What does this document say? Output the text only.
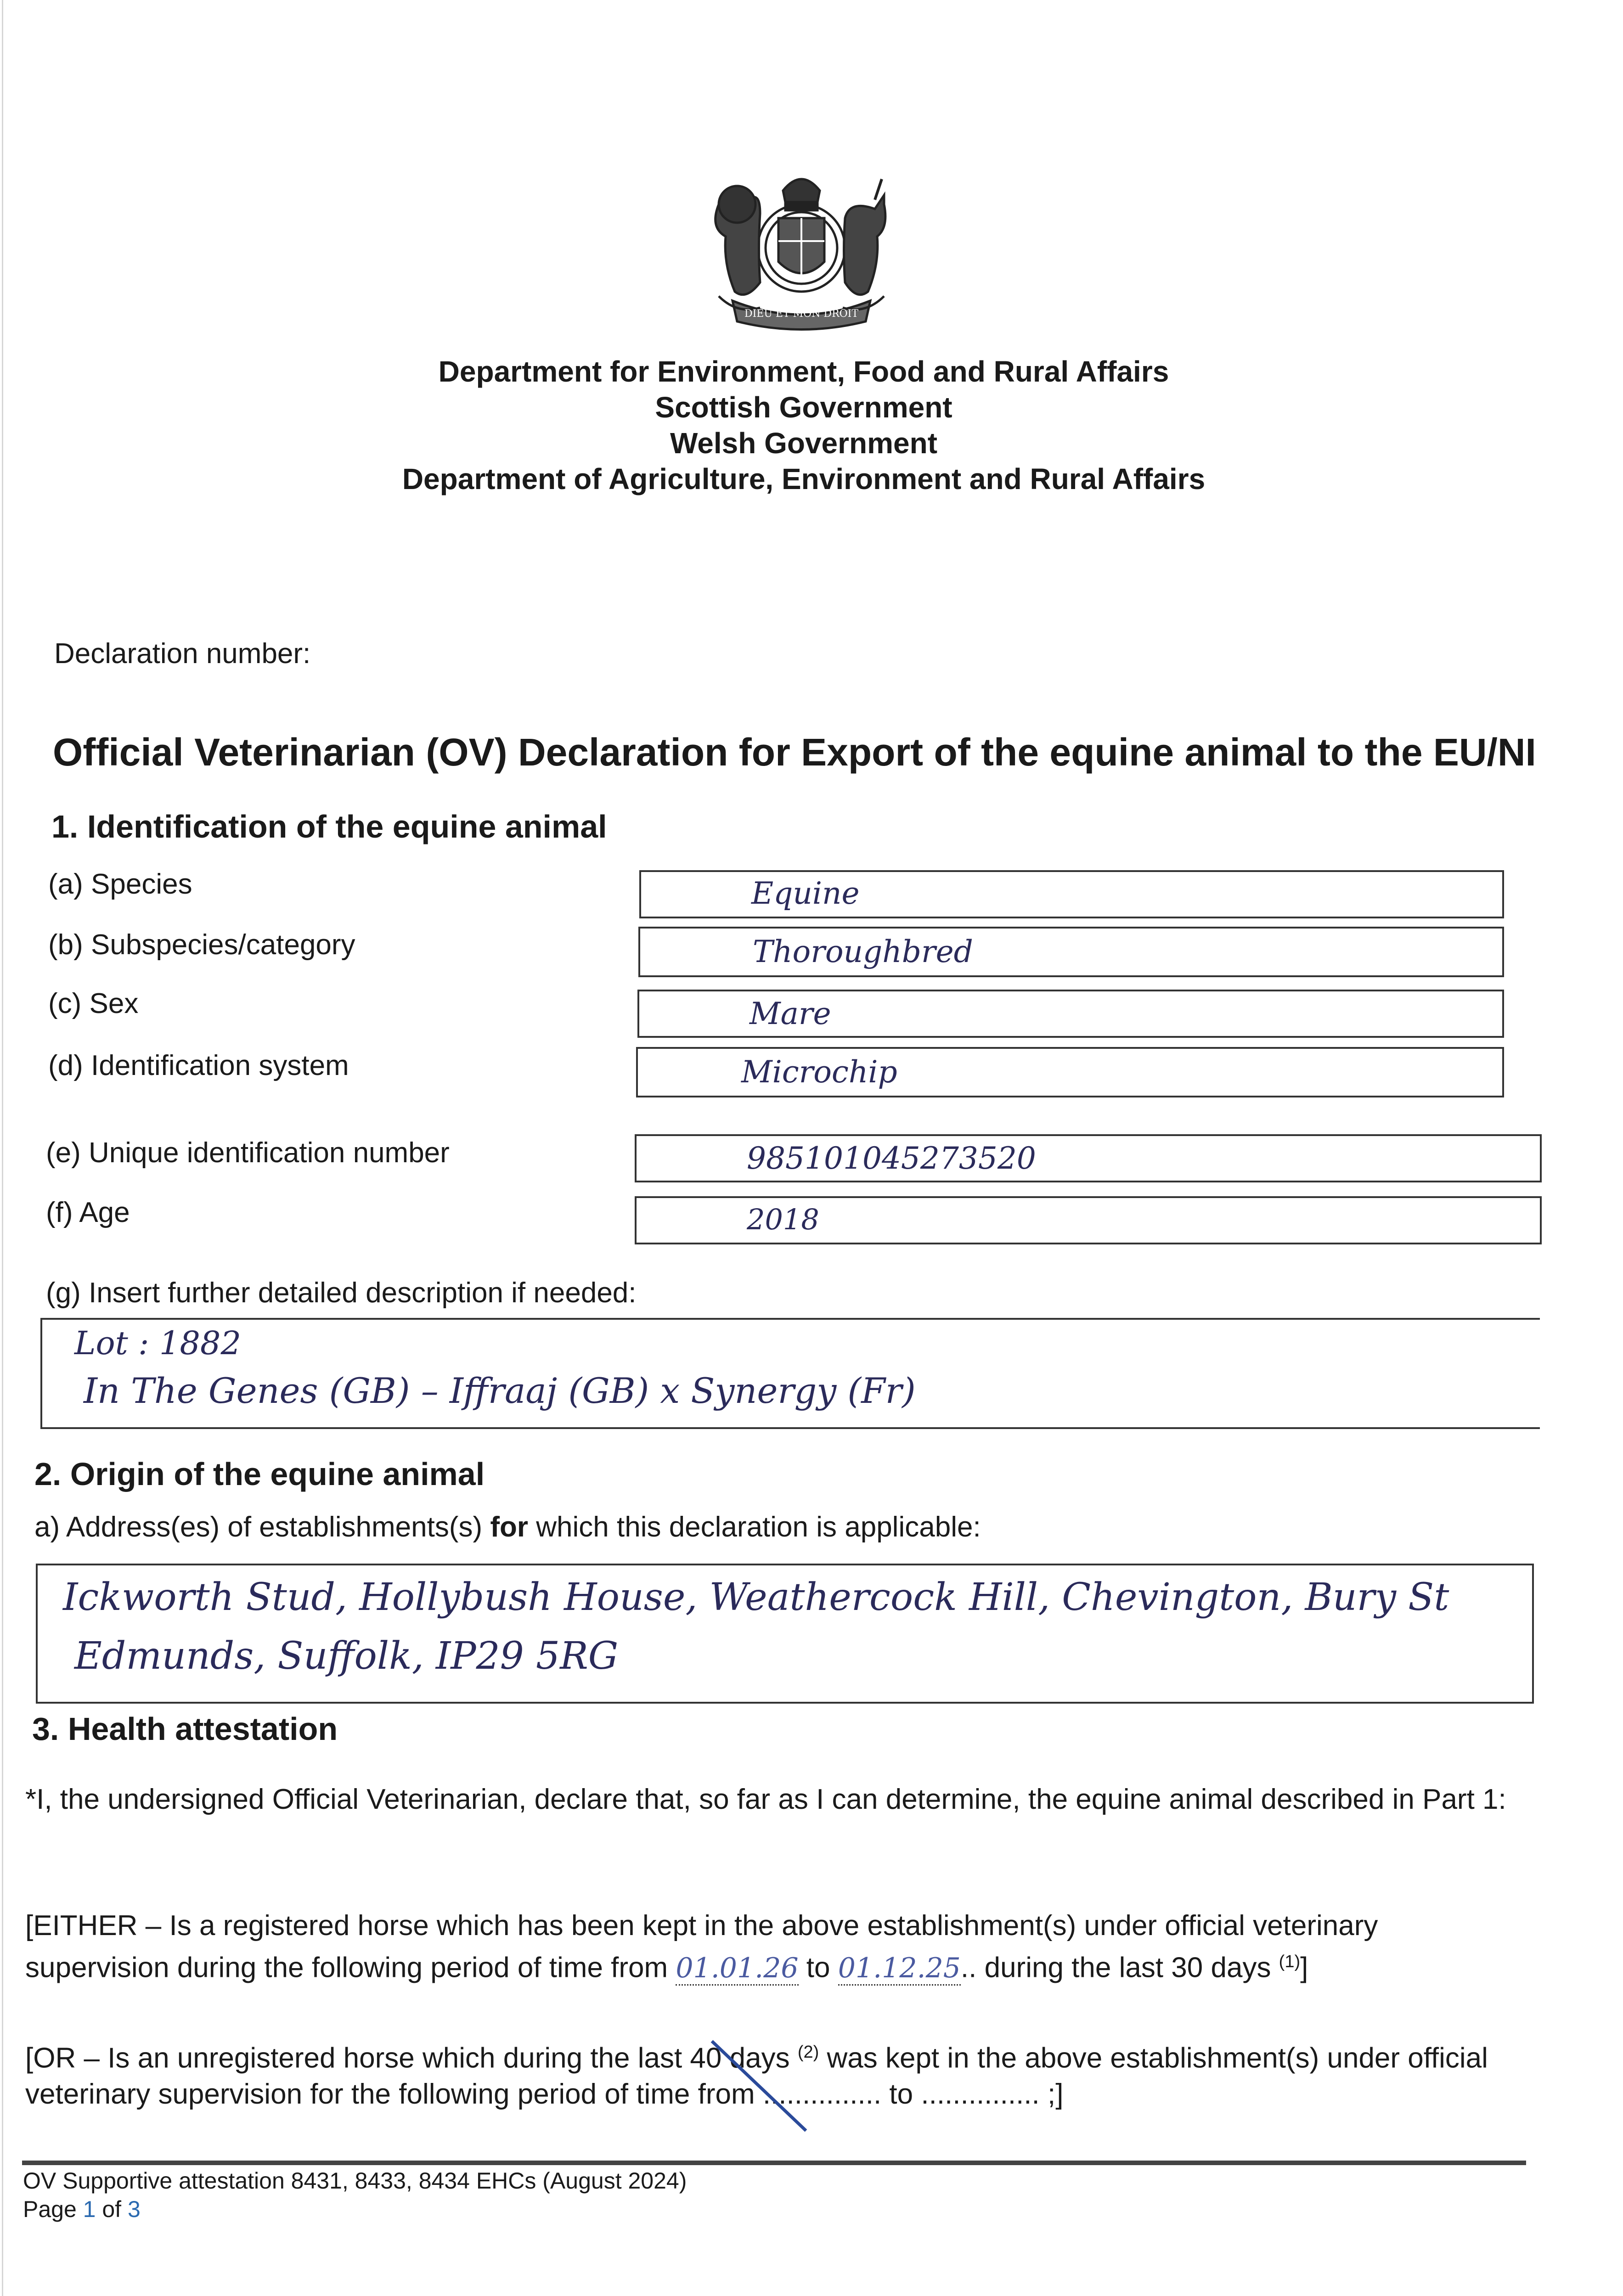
DIEU ET MON DROIT
Department for Environment, Food and Rural Affairs
Scottish Government
Welsh Government
Department of Agriculture, Environment and Rural Affairs
Declaration number:
Official Veterinarian (OV) Declaration for Export of the equine animal to the EU/NI
1. Identification of the equine animal
(a) Species
(b) Subspecies/category
(c) Sex
(d) Identification system
(e) Unique identification number
(f) Age
Equine
Thoroughbred
Mare
Microchip
985101045273520
2018
(g) Insert further detailed description if needed:
Lot : 1882
In The Genes (GB) – Iffraaj (GB) x Synergy (Fr)
2. Origin of the equine animal
a) Address(es) of establishments(s) for which this declaration is applicable:
Ickworth Stud, Hollybush House, Weathercock Hill, Chevington, Bury St
Edmunds, Suffolk, IP29 5RG
3. Health attestation
*I, the undersigned Official Veterinarian, declare that, so far as I can determine, the equine animal described in Part 1:
[EITHER – Is a registered horse which has been kept in the above establishment(s) under official veterinary
supervision during the following period of time from 01.01.26 to 01.12.25.. during the last 30 days $^{(1)}$]
[OR – Is an unregistered horse which during the last 40 days $^{(2)}$ was kept in the above establishment(s) under official
veterinary supervision for the following period of time from ............... to ............... ;]
OV Supportive attestation 8431, 8433, 8434 EHCs (August 2024)
Page 1 of 3
